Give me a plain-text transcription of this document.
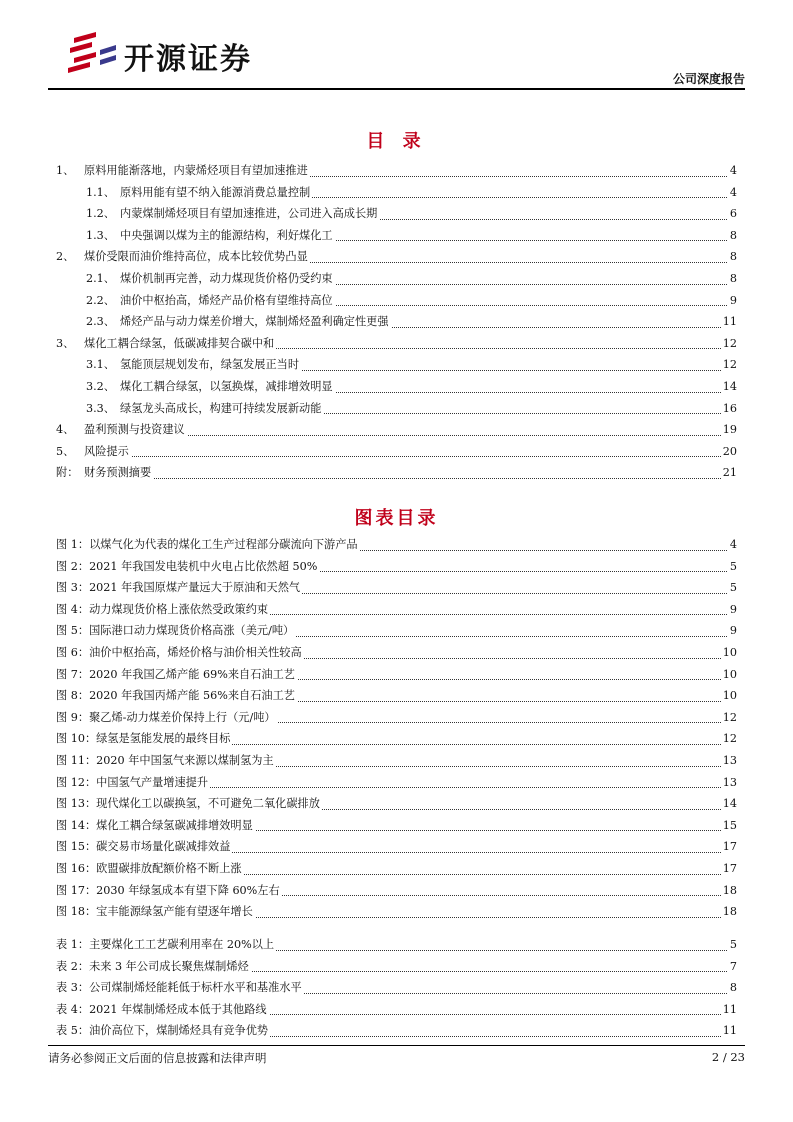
开源证券
公司深度报告
目 录
1、 原料用能渐落地，内蒙烯烃项目有望加速推进	4
1.1、 原料用能有望不纳入能源消费总量控制	4
1.2、 内蒙煤制烯烃项目有望加速推进，公司进入高成长期	6
1.3、 中央强调以煤为主的能源结构，利好煤化工	8
2、 煤价受限而油价维持高位，成本比较优势凸显	8
2.1、 煤价机制再完善，动力煤现货价格仍受约束	8
2.2、 油价中枢抬高，烯烃产品价格有望维持高位	9
2.3、 烯烃产品与动力煤差价增大，煤制烯烃盈利确定性更强	11
3、 煤化工耦合绿氢，低碳减排契合碳中和	12
3.1、 氢能顶层规划发布，绿氢发展正当时	12
3.2、 煤化工耦合绿氢，以氢换煤，减排增效明显	14
3.3、 绿氢龙头高成长，构建可持续发展新动能	16
4、 盈利预测与投资建议	19
5、 风险提示	20
附： 财务预测摘要	21
图表目录
图 1：以煤气化为代表的煤化工生产过程部分碳流向下游产品	4
图 2：2021 年我国发电装机中火电占比依然超 50%	5
图 3：2021 年我国原煤产量远大于原油和天然气	5
图 4：动力煤现货价格上涨依然受政策约束	9
图 5：国际港口动力煤现货价格高涨（美元/吨）	9
图 6：油价中枢抬高，烯烃价格与油价相关性较高	10
图 7：2020 年我国乙烯产能 69%来自石油工艺	10
图 8：2020 年我国丙烯产能 56%来自石油工艺	10
图 9：聚乙烯-动力煤差价保持上行（元/吨）	12
图 10：绿氢是氢能发展的最终目标	12
图 11：2020 年中国氢气来源以煤制氢为主	13
图 12：中国氢气产量增速提升	13
图 13：现代煤化工以碳换氢，不可避免二氧化碳排放	14
图 14：煤化工耦合绿氢碳减排增效明显	15
图 15：碳交易市场量化碳减排效益	17
图 16：欧盟碳排放配额价格不断上涨	17
图 17：2030 年绿氢成本有望下降 60%左右	18
图 18：宝丰能源绿氢产能有望逐年增长	18
表 1：主要煤化工工艺碳利用率在 20%以上	5
表 2：未来 3 年公司成长聚焦煤制烯烃	7
表 3：公司煤制烯烃能耗低于标杆水平和基准水平	8
表 4：2021 年煤制烯烃成本低于其他路线	11
表 5：油价高位下，煤制烯烃具有竞争优势	11
请务必参阅正文后面的信息披露和法律声明	2 / 23
